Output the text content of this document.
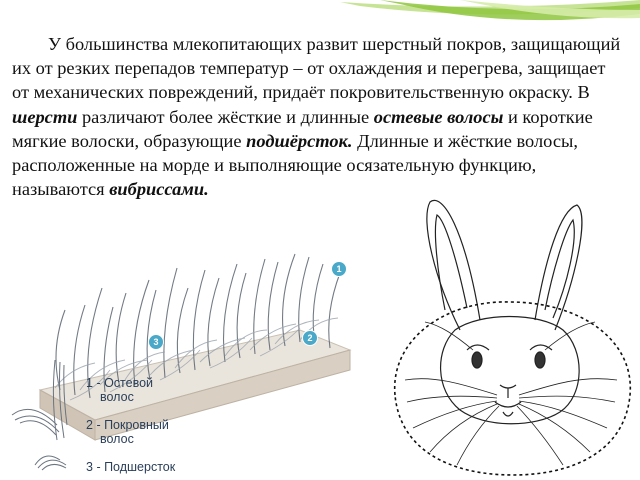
У большинства млекопитающих развит шерстный покров, защищающий их от резких перепадов температур – от охлаждения и перегрева, защищает от механических повреждений, придаёт покровительственную окраску. В шерсти различают более жёсткие и длинные остевые волосы и короткие мягкие волоски, образующие подшёрсток. Длинные и жёсткие волосы, расположенные на морде и выполняющие осязательную функцию, называются вибриссами.

1
2
3
1 - Остевой
волос
2 - Покровный
волос
3 - Подшерсток
